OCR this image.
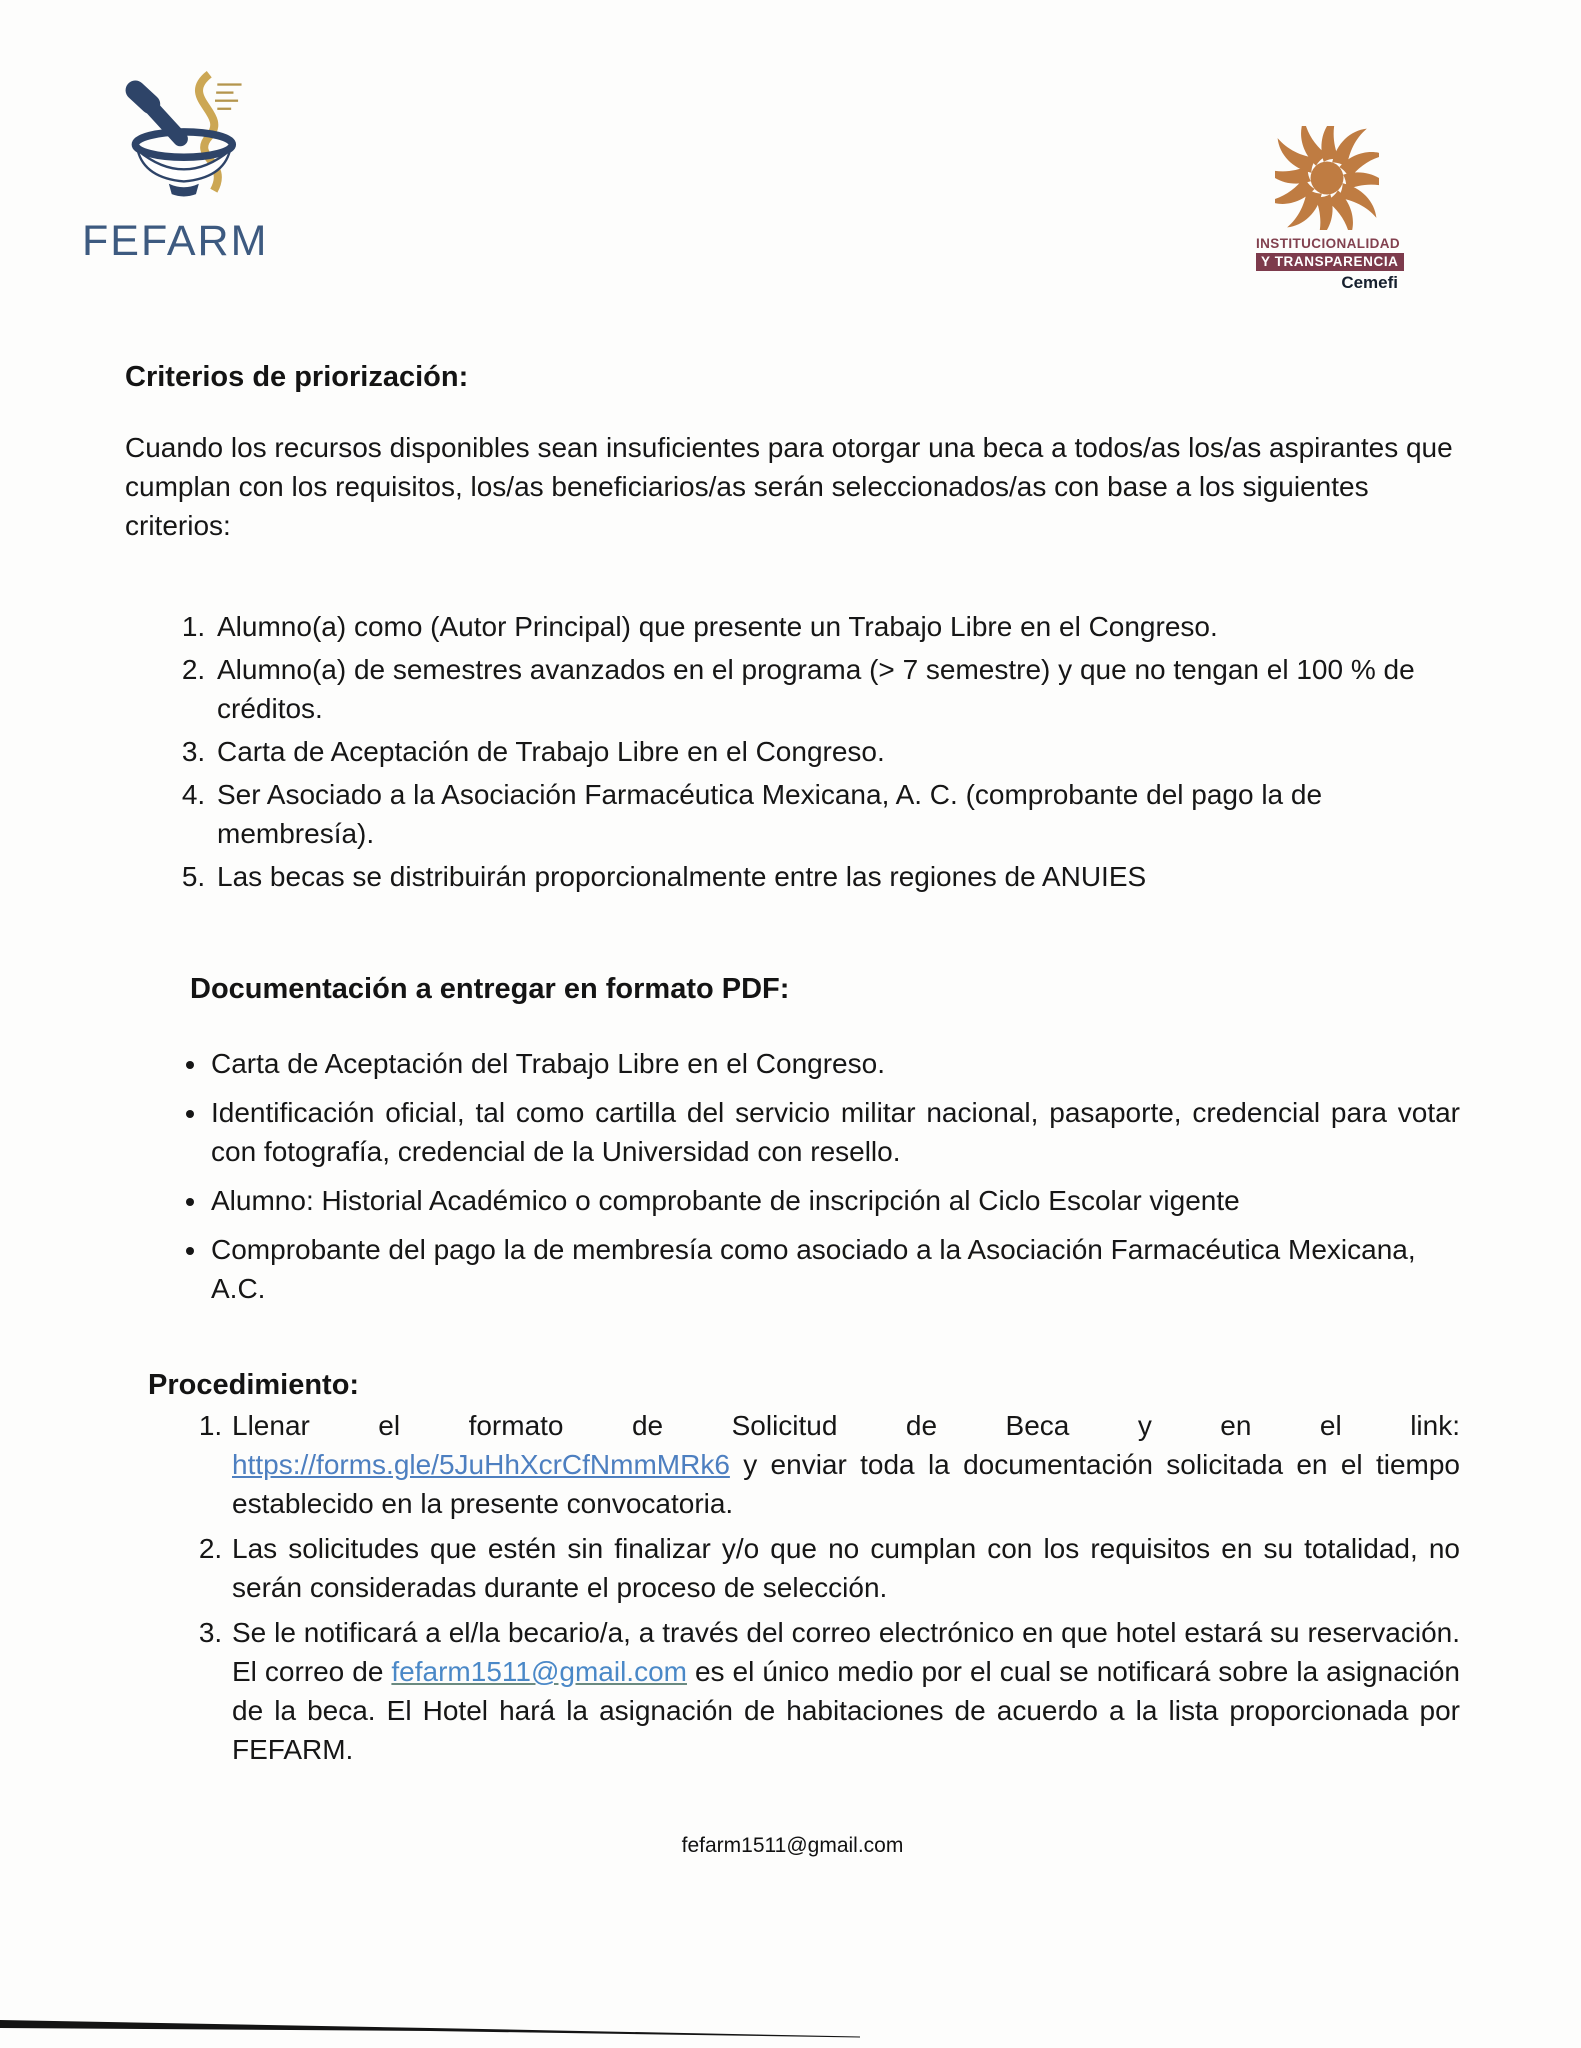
FEFARM	INSTITUCIONALIDAD
Y TRANSPARENCIA
Cemefi
Criterios de priorización:

Cuando los recursos disponibles sean insuficientes para otorgar una beca a todos/as los/as aspirantes que cumplan con los requisitos, los/as beneficiarios/as serán seleccionados/as con base a los siguientes criterios:

1. Alumno(a) como (Autor Principal) que presente un Trabajo Libre en el Congreso.
2. Alumno(a) de semestres avanzados en el programa (> 7 semestre) y que no tengan el 100 % de créditos.
3. Carta de Aceptación de Trabajo Libre en el Congreso.
4. Ser Asociado a la Asociación Farmacéutica Mexicana, A. C. (comprobante del pago la de membresía).
5. Las becas se distribuirán proporcionalmente entre las regiones de ANUIES
Documentación a entregar en formato PDF:
• Carta de Aceptación del Trabajo Libre en el Congreso.
• Identificación oficial, tal como cartilla del servicio militar nacional, pasaporte, credencial para votar con fotografía, credencial de la Universidad con resello.
• Alumno: Historial Académico o comprobante de inscripción al Ciclo Escolar vigente
• Comprobante del pago la de membresía como asociado a la Asociación Farmacéutica Mexicana, A.C.
Procedimiento:
1. Llenar el formato de Solicitud de Beca y en el link:
https://forms.gle/5JuHhXcrCfNmmMRk6 y enviar toda la documentación solicitada en el tiempo establecido en la presente convocatoria.
2. Las solicitudes que estén sin finalizar y/o que no cumplan con los requisitos en su totalidad, no serán consideradas durante el proceso de selección.
3. Se le notificará a el/la becario/a, a través del correo electrónico en que hotel estará su reservación. El correo de fefarm1511@gmail.com es el único medio por el cual se notificará sobre la asignación de la beca. El Hotel hará la asignación de habitaciones de acuerdo a la lista proporcionada por FEFARM.
fefarm1511@gmail.com
